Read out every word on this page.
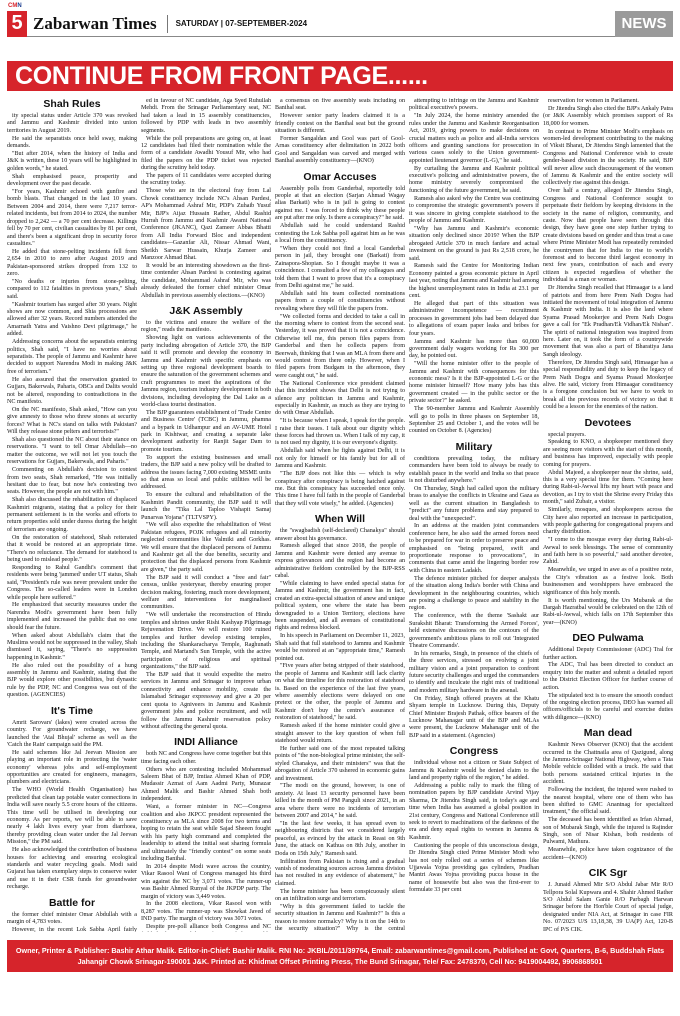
CMN
5 Zabarwan Times SATURDAY | 07-SEPTEMBER-2024	NEWS
CONTINUE FROM FRONT PAGE......
Shah Rules

ity special status under Article 370 was revoked and Jammu and Kashmir divided into union territories in August 2019.

He said the separatists once held sway, making demands.

"But after 2014, when the history of India and J&K is written, these 10 years will be highlighted in golden words," he stated.

Shah emphasised peace, prosperity and development over the past decade.

"For years, Kashmir echoed with gunfire and bomb blasts. That changed in the last 10 years. Between 2004 and 2014, there were 7,217 terror-related incidents, but from 2014 to 2024, the number dropped to 2,242 — a 70 per cent decrease. Killings fell by 70 per cent, civilian casualties by 81 per cent, and there's been a significant drop in security force casualties."

He added that stone-pelting incidents fell from 2,654 in 2010 to zero after August 2019 and Pakistan-sponsored strikes dropped from 132 to zero.

"No deaths or injuries from stone-pelting, compared to 112 fatalities in previous years," Shah said.

"Kashmir tourism has surged after 30 years. Night shows are now common, and Shia processions are allowed after 32 years. Record numbers attended the Amarnath Yatra and Vaishno Devi pilgrimage," he added.

Addressing concerns about the separatists entering politics, Shah said, "I have no worries about separatists. The people of Jammu and Kashmir have decided to support Narendra Modi in making J&K free of terrorism."

He also assured that the reservation granted to Gujjars, Bakerwals, Paharis, OBCs and Dalits would not be altered, responding to contradictions in the NC manifesto.

On the NC manifesto, Shah asked, "How can you give amnesty to those who threw stones at security forces? What is NC's stand on talks with Pakistan? Will they release stone pelters and terrorists?"

Shah also questioned the NC about their stance on reservations. "I want to tell Omar Abdullah—no matter the outcome, we will not let you touch the reservations for Gujjars, Bakerwals, and Paharis."

Commenting on Abdullah's decision to contest from two seats, Shah remarked, "He was initially hesitant due to fear, but now he's contesting two seats. However, the people are not with him."

Shah also discussed the rehabilitation of displaced Kashmiri migrants, stating that a policy for their permanent settlement is in the works and efforts to return properties sold under duress during the height of terrorism are ongoing.

On the restoration of statehood, Shah reiterated that it would be restored at an appropriate time. "There's no reluctance. The demand for statehood is being used to mislead people."

Responding to Rahul Gandhi's comment that residents were being 'jammed' under UT status, Shah said, "President's rule was never prevalent under the Congress. The so-called leaders were in London while people here suffered."

He emphasized that security measures under the Narendra Modi's government have been fully implemented and increased the public that no one should fear the future.

When asked about Abdullah's claim that the Muslims would not be suppressed in the valley, Shah dismissed it, saying, "There's no suppression happening in Kashmir."

He also ruled out the possibility of a hung assembly in Jammu and Kashmir, stating that the BJP would explore other possibilities, but dynastic rule by the PDP, NC and Congress was out of the question. (AGENCIES)

It's Time

Amrit Sarovars' (lakes) were created across the country. For groundwater recharge, we have launched the 'Atal Bhujal' scheme as well as the 'Catch the Rain' campaign said the PM.

He said schemes like Jal Jeevan Mission are playing an important role in protecting the 'water economy' whereas jobs and self-employment opportunities are created for engineers, managers, plumbers and electricians.

The WHO (World Health Organisation) has predicted that clean tap potable water connections in India will save nearly 5.5 crore hours of the citizens. This time will be utilised in developing our economy. As per reports, we will be able to save nearly 4 lakh lives every year from diarrhoea, thereby providing clean water under the Jal Jeevan Mission," the PM said.

He also acknowledged the contribution of business houses for achieving and ensuring ecological standards and water recycling goals. Modi said Gujarat has taken exemplary steps to conserve water and use it in their CSR funds for groundwater recharge.

Battle for

the former chief minister Omar Abdullah with a margin of 4,783 votes.

However, in the recent Lok Sabha April fairly

ed in favour of NC candidate, Aga Syed Ruhullah Mehdi. From the Srinagar Parliamentary seat, NC had taken a lead in 15 assembly constituencies, followed by PDP with leads in two assembly segments.

While the poll preparations are going on, at least 12 candidates had filed their nomination while the form of a candidate Awadhi Yousuf Mir, who had filed the papers on the PDP ticket was rejected during the scrutiny held today.

The papers of 11 candidates were accepted during the scrutiny today.

Those who are in the electoral fray from Lal Chowk constituency include NC's Ahsan Pardesi, AP's Mohammad Ashraf Mir, PDP's Zuhaib Yusuf Mir, BJP's Aijaz Hussain Rather, Abdul Rashid Hurrah from Jammu and Kashmir Awami National Conference (JKANC), Qazi Zameer Abbas Bhatti from All India Forward Bloc and independent candidates—Gazanfar Ali, Nissar Ahmad Wani, Sheikh Sarwar Hussain, Khurja Zameer and Manzoor Ahmad Bhat.

It would be an interesting showdown as the first-time contender Ahsan Pardesi is contesting against the candidate, Mohammad Ashraf Mir, who was already defeated the former chief minister Omar Abdullah in previous assembly elections.—(KNO)

J&K Assembly

to the victims and ensure the welfare of the region," reads the manifesto.

Showing light on various achievements of the party including abrogation of Article 370, the BJP said it will promote and develop the economy in Jammu and Kashmir with specific emphasis on setting up three regional development boards to ensure the saturation of the government schemes and craft programmes to meet the aspirations of the Jammu region, tourism industry development in both divisions, including developing the Dal Lake as a world-class tourist destination.

The BJP guarantees establishment of 'Trade Centre and Business Centre' (TCBC) in Jammu, phamna and a bypark in Udhampur and an AV-UME Hotel park in Kishtwar, and creating a separate lake development authority for Ranjit Sagar Dam to promote tourism.

To support the existing businesses and small traders, the BJP said a new policy will be drafted to address the issues facing 7,000 existing MSME units so that areas so local and public utilities will be addressed.

To ensure the cultural and rehabilitation of the Kashmiri Pandit community, the BJP said it will launch the "Tika Lal Taploo Vishapit Samaj Punarvas Yojana" (TLTVSPY).

"We will also expedite the rehabilitation of West Pakistan refugees, POJK refugees and all minority neglected communities like Valmiki and Gorkhas. We will ensure that the displaced persons of Jammu and Kashmir get all the due benefits, security and protection that the displaced persons from Kashmir are given," the party said.

The BJP said it will conduct a "free and fair" census, unlike yesteryear, thereby ensuring proper decision making, fostering, much more development, welfare and interventions for marginalised communities.

"We will undertake the reconstruction of Hindu temples and shrines under Rishi Kashyap Pilgrimage Rejuvenation Drive. We will restore 100 ruined temples and further develop existing temples, including the Shankaracharya Temple, Raghunath Temple, and Martand's Sun Temple, with the active participation of religious and spiritual organizations," the BJP said.

The BJP said that it would expedite the metro services in Jammu and Srinagar to improve urban connectivity and enhance mobility, create the Islamabad Srinagar expressway and give a 20 per cent quota to Agniveers in Jammu and Kashmir government jobs and police recruitment, and will follow the Jammu Kashmir reservation policy without affecting the general quota.

INDI Alliance

both NC and Congress have come together but this time facing each other.

Others who are contesting included Mohammad Saleem Bhat of BJP, Imtiaz Ahmed Khan of PDP, Mudassir Azmat of Aam Aadmi Party, Munazar Ahmed Malik and Bashir Ahmed Shah both independent.

Wani, a former minister in NC—Congress coalition and also JKPCC president represented the constituency as MLA since 2008 for two terms and hoping to retain the seat while Sajad Sheeen fought with his party high command and completed the leadership to attend the initial seat sharing formula and ultimately the "friendly contest" on some seats including Banihal.

In 2014 despite Modi wave across the country, Vikar Rasool Wani of Congress managed his third win against the NC by 3,071 votes. The runner-up was Bashir Ahmed Runyal of the JKPDP party. The margin of victory was 3,449 votes.

In the 2008 elections, Vikar Rasool won with 8,287 votes. The runner-up was Showkat Javed of IND party. The margin of victory was 3071 votes.

Despite pre-poll alliance both Congress and NC

a consensus on five assembly seats including on Banihal seat.

However senior party leaders claimed it is a friendly contest on the Banihal seat but the ground situation is different.

Former Sangaldan and Gool was part of Gool-Arnas constituency after delimitation in 2022 both Gool and Sangaldan was carved and merged with Banihal assembly constituency—(KNO)

Omar Accuses

Assembly polls from Ganderbal, reportedly told people at that an election (Sarjan Ahmad Wagay alias Barkati) who is in jail is going to contest against me. I was forced to think why these people are put after me only. Is there a conspiracy?" he said.

Abdullah said he could understand Rashid contesting the Lok Sabha poll against him as he was a local from the constituency.

"When they could not find a local Ganderbal person in jail, they brought one (Barkati) from Zainapora-Shopian. So I thought maybe it was a coincidence. I consulted a few of my colleagues and told them that I want to prove that it's a conspiracy from Delhi against me," he said.

Abdullah said his team collected nominations papers from a couple of constituencies without revealing where they will file the papers from.

"We collected forms and decided to take a call in the morning where to contest from the second seat. Yesterday, it was proved that it is not a coincidence. Otherwise tell me, this person files papers from Ganderbal and then he collects papers from Beerwah, thinking that I was an MLA from there and would contest from there only. However, when I filed papers from Budgam in the afternoon, they were caught out," he said.

The National Conference vice president claimed that this incident shows that Delhi is not trying to silence any politician in Jammu and Kashmir, especially in Kashmir, as much as they are trying to do with Omar Abdullah.

"It is because when I speak, I speak for the people. I raise their issues. I talk about our dignity which these forces had thrown us. When I talk of my cap, it is not used my dignity, it is our everyone's dignity.

Abdullah said when he fights against Delhi, it is not only for himself or his family but for all of Jammu and Kashmir.

"The BJP does not like this — which is why conspiracy after conspiracy is being hatched against me. But this conspiracy has succeeded once only. This time I have full faith in the people of Ganderbal that they will vote wisely," he added. (Agencies)

When Will

the "swagbadish (self-declared) Chanakya" should answer about his governance.

Ramesh alleged that since 2018, the people of Jammu and Kashmir were denied any avenue to express grievances and the region had become an administrative fiefdom controlled by the BJP-RSS cabal.

"While claiming to have ended special status for Jammu and Kashmir, the government has in fact, created an extra-special situation of anew and unique political system, one where the state has been downgraded to a Union Territory, elections have been suspended, and all avenues of constitutional rights and redress blocked.

In his speech in Parliament on December 11, 2023, Shah said that full statehood to Jammu and Kashmir would be restored at an "appropriate time," Ramesh pointed out.

"Five years after being stripped of their statehood, the people of Jammu and Kashmir still lack clarity on what the timeline for this restoration of statehood is. Based on the experience of the last five years, where assembly elections were delayed on one pretext or the other, the people of Jammu and Kashmir don't buy the centre's assurance of restoration of statehood," he said.

Ramesh asked if the home minister could give a straight answer to the key question of when full statehood would return.

He further said one of the most repeated talking points of "the non-biological prime minister, the self-styled Chanakya, and their ministers" was that the abrogation of Article 370 ushered in economic gains and investment.

"The modi on the ground, however, is one of anxiety. At least 13 security personnel have been killed in the month of PM Panguli since 2021, in an area where there were no incidents of terrorism between 2007 and 2014," he said.

"In the last few weeks, it has spread even to neighbouring districts that we considered largely peaceful, as evinced by the attack in Reasi on 9th June, the attack on Kathua on 8th July, another in Doda on 15th July," Ramesh said.

Infiltration from Pakistan is rising and a gradual vanish of moderating sources across Jammu division has not resulted in any evidence of abatement," he claimed.

The home minister has been conspicuously silent on an infiltration surge and terrorism.

"Why is this government failed to tackle the security situation in Jammu and Kashmir?" Is this a reason to restore normalcy? Why is it on the 14th to the security situation?" Why is the central

attempting to infringe on the Jammu and Kashmir political executive's powers.

"In July 2024, the home ministry amended the rules under the Jammu and Kashmir Reorganisation Act, 2019, giving powers to make decisions on crucial matters such as police and all-India services officers and granting sanctions for prosecution in various cases solely to the Union government-appointed lieutenant governor (L-G)," he said.

By curtailing the Jammu and Kashmir political executive's policing and administrative powers, the home ministry severely compromised the functioning of the future government, he said.

Ramesh also asked why the Centre was continuing to compromise the strategic government's powers if it was sincere in giving complete statehood to the people of Jammu and Kashmir.

"Why has Jammu and Kashmir's economic situation only declined since 2019? When the BJP abrogated Article 370 in much fanfare and actual investment on the ground is just Rs 2,518 crore, he said.

Ramesh said the Centre for Monitoring Indian Economy painted a gross economic picture in April last year, noting that Jammu and Kashmir had among the highest unemployment rates in India at 23.1 per cent.

He alleged that part of this situation was administrative incompetence — recruitment processes in government jobs had been delayed due to allegations of exam paper leaks and bribes for four years.

Jammu and Kashmir has more than 60,000 government daily wagers working for Rs 300 per day, he pointed out.

"Will the home minister offer to the people of Jammu and Kashmir with consequences for this economic mess? Is it the BJP-appointed L-G or the home minister himself? How many jobs has this government created — in the public sector or the private sector?" he asked.

The 90-member Jammu and Kashmir Assembly will go to polls in three phases on September 18, September 25 and October 1, and the votes will be counted on October 8. (Agencies)

Military

conditions prevailing today, the military commanders have been told to always be ready to establish peace in the world and India so that peace is not disturbed anywhere."

On Thursday, Singh had called upon the military brass to analyse the conflicts in Ukraine and Gaza as well as the current situation in Bangladesh to "predict" any future problems and stay prepared to deal with the "unexpected".

In an address at the maiden joint commanders conference here, he also said the armed forces need to be prepared for war in order to preserve peace and emphasised on "being prepared, swift and proportionate response to provocations", in comments that came amid the lingering border row with China in eastern Ladakh.

The defence minister pitched for deeper analysis of the situation along India's border with China and development in the neighbouring countries, which are posing a challenge to peace and stability in the region.

The conference, with the theme 'Sashakt aur Surakshit Bharat: Transforming the Armed Forces', held extensive discussions on the contours of the government's ambitious plans to roll out 'Integrated Theatre Commands'.

In his remarks, Singh, in presence of the chiefs of the three services, stressed on evolving a joint military vision and a joint preparation to confront future security challenges and urged the commanders to identify and inculcate the right mix of traditional and modern military hardware in the arsenal.

On Friday, Singh offered prayers at the Khatu Shyam temple in Lucknow. During this, Deputy Chief Minister Brajesh Pathak, office bearers of the Lucknow Mahanagar unit of the BJP and MLAs were present, the Lucknow Mahanagar unit of the BJP said in a statement. (Agencies)

Congress

individual whose not a citizen or State Subject of Jammu & Kashmir would be denied claim to the land and property rights of the region," he added.

Addressing a public rally to mark the filing of nomination papers by BJP candidate Arvind Vijay Sharma, Dr Jitendra Singh said, in today's age and time when India has assumed a global position in 21st century, Congress and National Conference still seek to revert to machinations of the darkness of the era and deny equal rights to women in Jammu & Kashmir.

Cautioning the people of this unconscious design, Dr Jitendra Singh cited Prime Minister Modi who has not only rolled out a series of schemes like Ujjawala Yojna providing gas cylinders, Pradhan Mantri Awas Yojna providing pucca house in the name of housewife but also was the first-ever to formulate 33 per cent

reservation for women in Parliament.

Dr Jitendra Singh also cited the BJP's Ankaly Patra (or J&K Assembly which promises support of Rs 18,000 for women.

In contrast to Prime Minister Modi's emphasis on women-led development contributing to the making of Viksit Bharat, Dr Jitendra Singh lamented that the Congress and National Conference wish to create gender-based division in the society. He said, BJP will never allow such discouragement of the women of Jammu & Kashmir and the entire society will collectively rise against this design.

Over half a century, alleged Dr Jitendra Singh, Congress and National Conference sought to perpetuate their fiefdom by keeping divisions in the society in the name of religion, community, and caste. Now that people have seen through this design, they have gone one step further trying to create divisions based on gender and thus treat a case where Prime Minister Modi has repeatedly reminded the countrymen that for India to rise to world's foremost and to become third largest economy in next few years, contribution of each and every citizen is expected regardless of whether the individual is a man or woman.

Dr Jitendra Singh recalled that Himaagar is a land of patriots and from here Prem Nath Dogra had initiated the movement of total integration of Jammu & Kashmir with India. It is also the land where Syama Prasad Mookerjee and Prem Nath Dogra gave a call for "Ek Pradhan/Ek Vidhan/Ek Nishan". The spirit of national integration was inspired from here. Later on, it took the form of a countrywide movement that was also a part of Bharatiya Jana Sangh ideology.

Therefore, Dr Jitendra Singh said, Himaagar has a special responsibility and duty to keep the legacy of Prem Nath Dogra and Syama Prasad Mookerjee alive. He said, victory from Himaagar constituency is a foregone conclusion but we have to work to break all the previous records of victory so that it could be a lesson for the enemies of the nation.

Devotees

special prayers.

Speaking to KNO, a shopkeeper mentioned they are seeing more visitors with the start of this month, and business has improved, especially with people coming for prayers.

Abdul Majeed, a shopkeeper near the shrine, said, this is a very special time for them. "Coming here during Rabi-ul-Awwal lifts my heart with peace and devotion, as I try to visit the Shrine every Friday this month," said Zubair, a visitor.

Similarly, mosques, and shopkeepers across the City have also reported an increase in participation, with people gathering for congregational prayers and charity distribution.

"I come to the mosque every day during Rabi-ul-Awwal to seek blessings. The sense of community and faith here is so powerful," said another devotee, Zahid.

Meanwhile, we urged in awe as of a positive note, the City's vibration as a festive look. Both businessmen and worshippers have embraced the significance of this holy month.

It is worth mentioning, the Urs Mubarak at the Dargah Hazratbal would be celebrated on the 12th of Rabi-ul-Awwal, which falls on 17th September this year—(KNO)

DEO Pulwama

Additional Deputy Commissioner (ADC) Tral for further action.

The ADC, Tral has been directed to conduct an enquiry into the matter and submit a detailed report to the District Election Officer for further course of action.

The stipulated text is to ensure the smooth conduct of the ongoing election process, DEO has warned all officers/officials to be careful and exercise duties with diligence—(KNO)

Man dead

Kashmir News Observer (KNO) that the accident occurred in the Chattnaila area of Qazigund, along the Jammu-Srinagar National Highway, when a Tata Mobile vehicle collided with a truck. He said that both persons sustained critical injuries in the accident.

Following the incident, the injured were rushed to the nearest hospital, where one of them who has been shifted to GMC Anantnag for specialized treatment," the official said.

The deceased has been identified as Irfan Ahmad, son of Mubarak Singh, while the injured is Rajinder Singh, son of Nisar Kishan, both residents of Pulwami, Mathura.

Meanwhile, police have taken cognizance of the accident—(KNO)

CIK Sgr

J. Junaid Ahmed Mir S/O Abdul Jabar Mir R/O Tellpora Solal Kupwara and 4. Shahir Ahmed Rather S/O Abdul Salam Ganie R/O Parbagh Harwan Srinagar before the Hon'ble Court of special judge, designated under NIA Act, at Srinagar in case FIR No. 07/2023 U/S 13,18,38, 39 UA(P) Act, 120-B IPC of P/S CIK.

Owner, Printer & Publisher: Bashir Athar Malik. Editor-in-Chief: Bashir Malik. RNI No: JKBIL/2011/39764, Email: zabarwantimes@gmail.com, Published at: Govt, Quarters, B-6, Buddshah Flats
Jahangir Chowk Srinagar-190001 J&K. Printed at: Khidmat Offset Printing Press, The Bund Srinagar, Tele/ Fax: 2478370, Cell No: 9419004492, 9906868501
